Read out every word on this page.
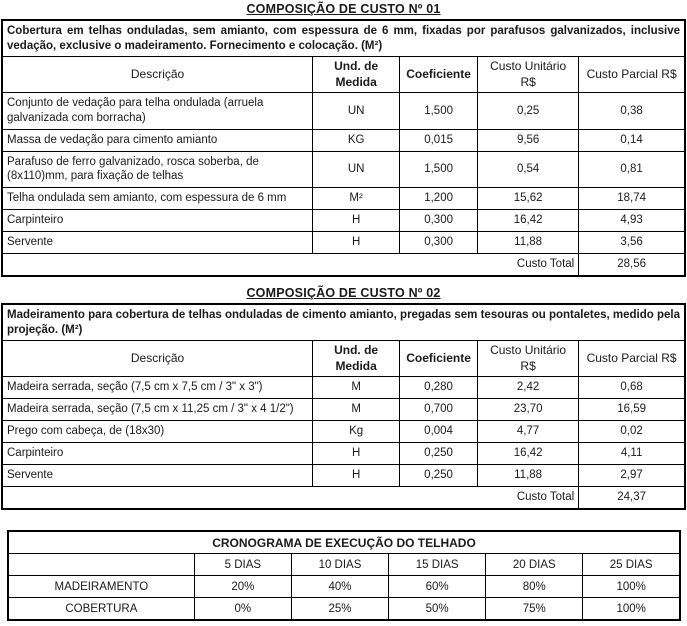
COMPOSIÇÃO DE CUSTO Nº 01
Cobertura em telhas onduladas, sem amianto, com espessura de 6 mm, fixadas por parafusos galvanizados, inclusive vedação, exclusive o madeiramento. Fornecimento e colocação. (M²)				
Descrição	Und. de Medida	Coeficiente	Custo Unitário R$	Custo Parcial R$
Conjunto de vedação para telha ondulada (arruela galvanizada com borracha)	UN	1,500	0,25	0,38
Massa de vedação para cimento amianto	KG	0,015	9,56	0,14
Parafuso de ferro galvanizado, rosca soberba, de (8x110)mm, para fixação de telhas	UN	1,500	0,54	0,81
Telha ondulada sem amianto, com espessura de 6 mm	M²	1,200	15,62	18,74
Carpinteiro	H	0,300	16,42	4,93
Servente	H	0,300	11,88	3,56
Custo Total				28,56
COMPOSIÇÃO DE CUSTO Nº 02
Madeiramento para cobertura de telhas onduladas de cimento amianto, pregadas sem tesouras ou pontaletes, medido pela projeção. (M²)				
Descrição	Und. de Medida	Coeficiente	Custo Unitário R$	Custo Parcial R$
Madeira serrada, seção (7,5 cm x 7,5 cm / 3" x 3")	M	0,280	2,42	0,68
Madeira serrada, seção (7,5 cm x 11,25 cm / 3" x 4 1/2")	M	0,700	23,70	16,59
Prego com cabeça, de (18x30)	Kg	0,004	4,77	0,02
Carpinteiro	H	0,250	16,42	4,11
Servente	H	0,250	11,88	2,97
Custo Total				24,37
CRONOGRAMA DE EXECUÇÃO DO TELHADO					
	5 DIAS	10 DIAS	15 DIAS	20 DIAS	25 DIAS
MADEIRAMENTO	20%	40%	60%	80%	100%
COBERTURA	0%	25%	50%	75%	100%
